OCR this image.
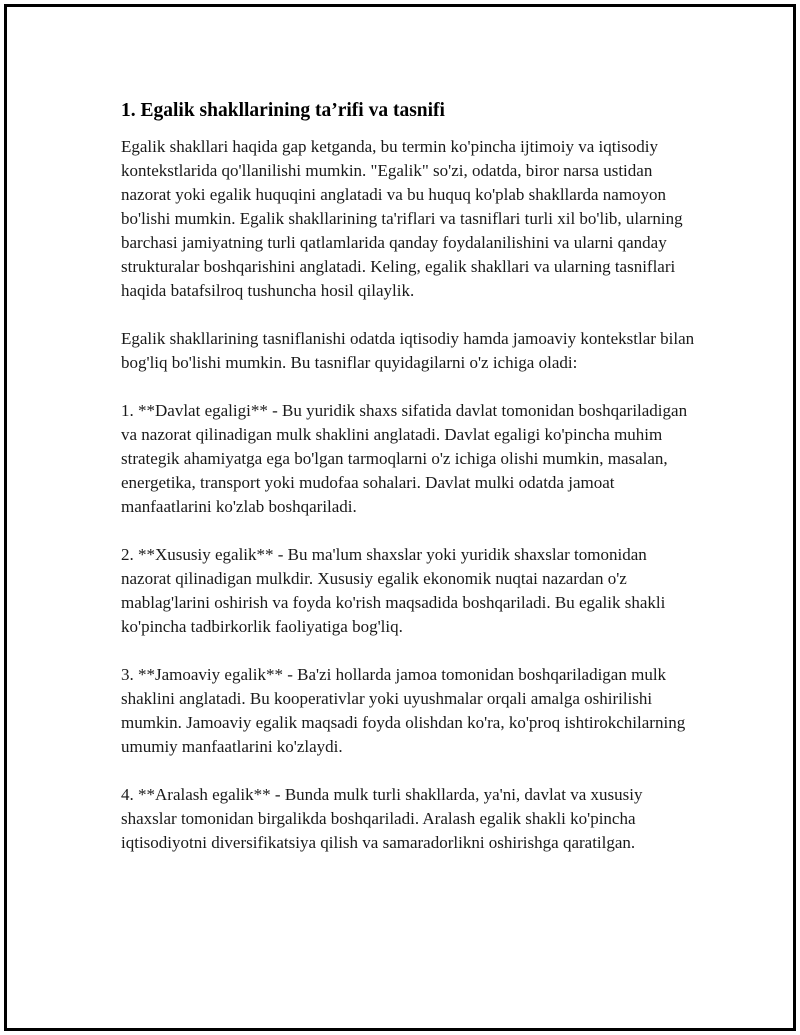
1. Egalik shakllarining ta’rifi va tasnifi

Egalik shakllari haqida gap ketganda, bu termin ko'pincha ijtimoiy va iqtisodiy kontekstlarida qo'llanilishi mumkin. "Egalik" so'zi, odatda, biror narsa ustidan nazorat yoki egalik huquqini anglatadi va bu huquq ko'plab shakllarda namoyon bo'lishi mumkin. Egalik shakllarining ta'riflari va tasniflari turli xil bo'lib, ularning barchasi jamiyatning turli qatlamlarida qanday foydalanilishini va ularni qanday strukturalar boshqarishini anglatadi. Keling, egalik shakllari va ularning tasniflari haqida batafsilroq tushuncha hosil qilaylik.

Egalik shakllarining tasniflanishi odatda iqtisodiy hamda jamoaviy kontekstlar bilan bog'liq bo'lishi mumkin. Bu tasniflar quyidagilarni o'z ichiga oladi:

1. **Davlat egaligi** - Bu yuridik shaxs sifatida davlat tomonidan boshqariladigan va nazorat qilinadigan mulk shaklini anglatadi. Davlat egaligi ko'pincha muhim strategik ahamiyatga ega bo'lgan tarmoqlarni o'z ichiga olishi mumkin, masalan, energetika, transport yoki mudofaa sohalari. Davlat mulki odatda jamoat manfaatlarini ko'zlab boshqariladi.

2. **Xususiy egalik** - Bu ma'lum shaxslar yoki yuridik shaxslar tomonidan nazorat qilinadigan mulkdir. Xususiy egalik ekonomik nuqtai nazardan o'z mablag'larini oshirish va foyda ko'rish maqsadida boshqariladi. Bu egalik shakli ko'pincha tadbirkorlik faoliyatiga bog'liq.

3. **Jamoaviy egalik** - Ba'zi hollarda jamoa tomonidan boshqariladigan mulk shaklini anglatadi. Bu kooperativlar yoki uyushmalar orqali amalga oshirilishi mumkin. Jamoaviy egalik maqsadi foyda olishdan ko'ra, ko'proq ishtirokchilarning umumiy manfaatlarini ko'zlaydi.

4. **Aralash egalik** - Bunda mulk turli shakllarda, ya'ni, davlat va xususiy shaxslar tomonidan birgalikda boshqariladi. Aralash egalik shakli ko'pincha iqtisodiyotni diversifikatsiya qilish va samaradorlikni oshirishga qaratilgan.
